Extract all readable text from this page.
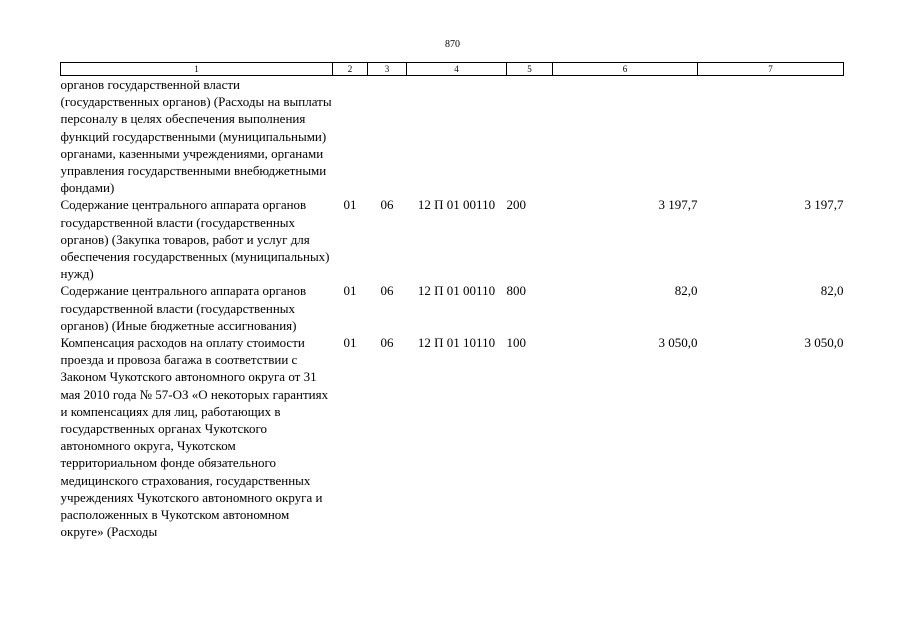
870
1	2	3	4	5	6	7
органов государственной власти (государственных органов) (Расходы на выплаты персоналу в целях обеспечения выполнения функций государственными (муниципальными) органами, казенными учреждениями, органами управления государственными внебюджетными фондами)						
Содержание центрального аппарата органов государственной власти (государственных органов) (Закупка товаров, работ и услуг для обеспечения государственных (муниципальных) нужд)	01	06	12 П 01 00110	200	3 197,7	3 197,7
Содержание центрального аппарата органов государственной власти (государственных органов) (Иные бюджетные ассигнования)	01	06	12 П 01 00110	800	82,0	82,0
Компенсация расходов на оплату стоимости проезда и провоза багажа в соответствии с Законом Чукотского автономного округа от 31 мая 2010 года № 57-ОЗ «О некоторых гарантиях и компенсациях для лиц, работающих в государственных органах Чукотского автономного округа, Чукотском территориальном фонде обязательного медицинского страхования, государственных учреждениях Чукотского автономного округа и расположенных в Чукотском автономном округе» (Расходы	01	06	12 П 01 10110	100	3 050,0	3 050,0
